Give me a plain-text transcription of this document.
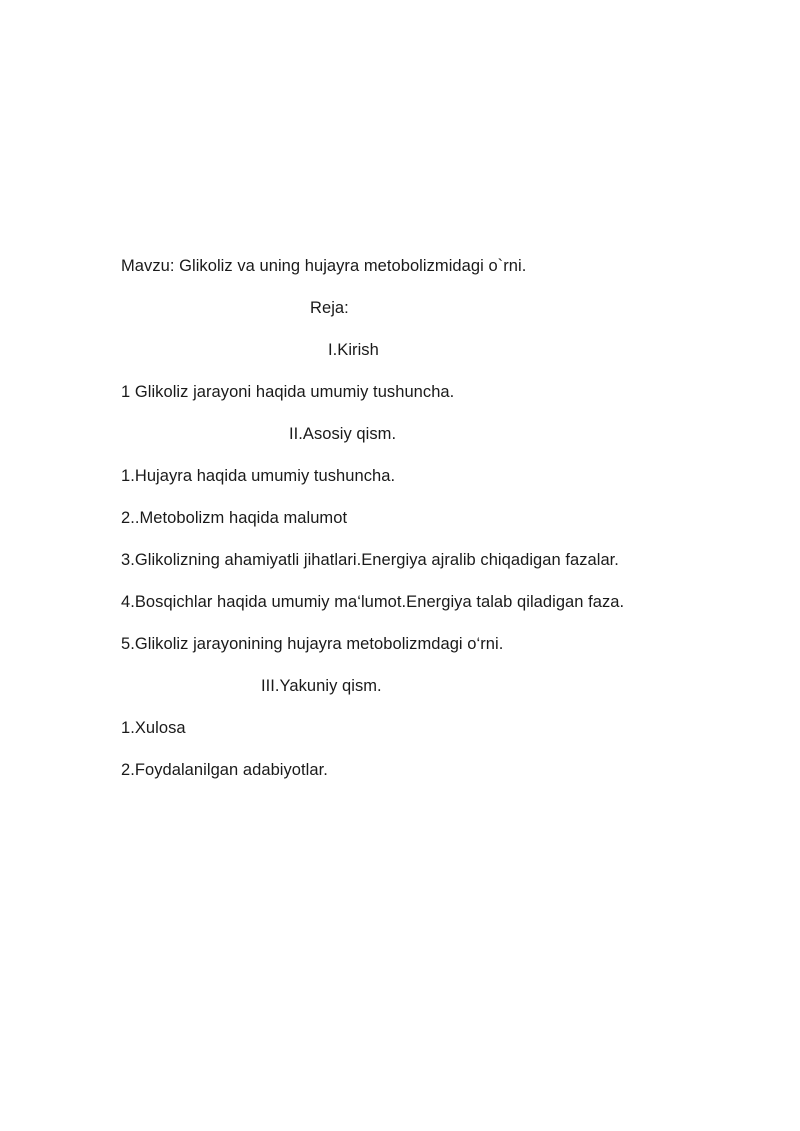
Mavzu: Glikoliz va uning hujayra metobolizmidagi o`rni.
Reja:
I.Kirish
1 Glikoliz jarayoni haqida umumiy tushuncha.
II.Asosiy qism.
1.Hujayra haqida umumiy tushuncha.
2..Metobolizm haqida malumot
3.Glikolizning ahamiyatli jihatlari.Energiya ajralib chiqadigan fazalar.
4.Bosqichlar haqida umumiy ma‘lumot.Energiya talab qiladigan faza.
5.Glikoliz jarayonining hujayra metobolizmdagi o‘rni.
III.Yakuniy qism.
1.Xulosa
2.Foydalanilgan adabiyotlar.
